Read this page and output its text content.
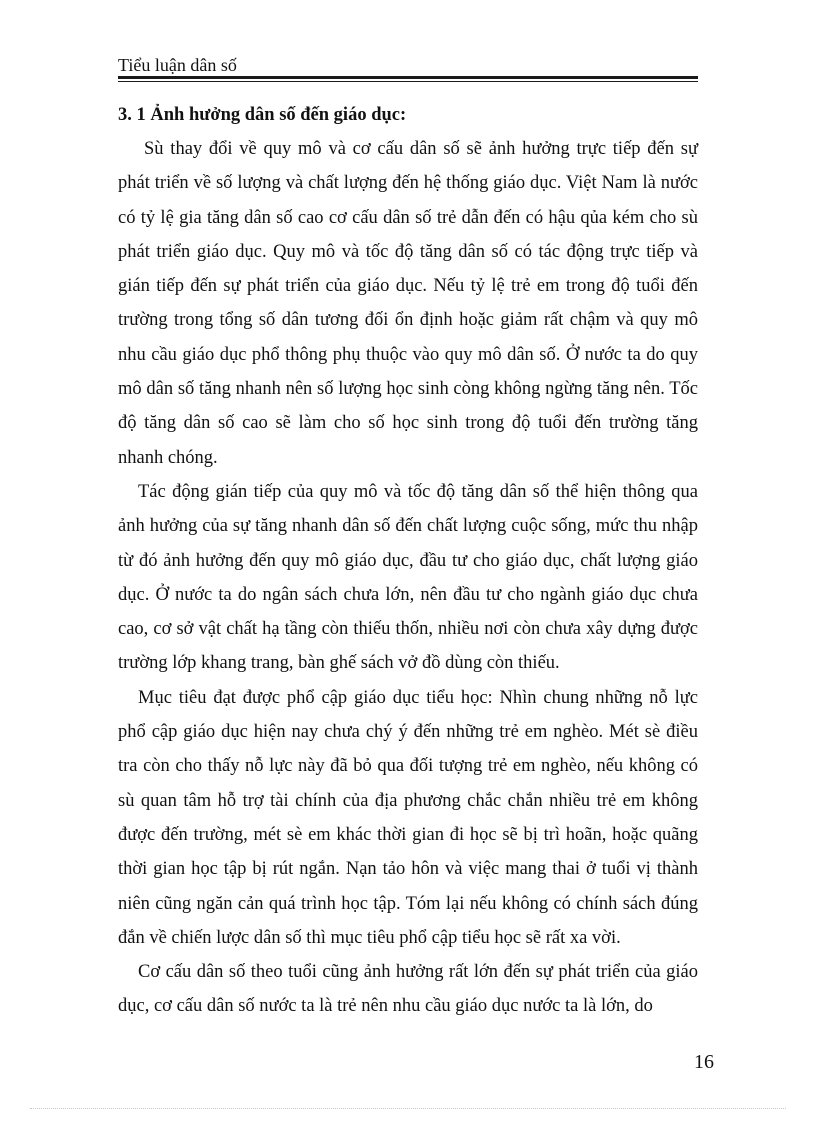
Tiểu luận dân số
3. 1 Ảnh hưởng dân số đến giáo dục:

Sù thay đổi về quy mô và cơ cấu dân số sẽ ảnh hưởng trực tiếp đến sự phát triển về số lượng và chất lượng đến hệ thống giáo dục. Việt Nam là nước có tỷ lệ gia tăng dân số cao cơ cấu dân số trẻ dẫn đến có hậu qủa kém cho sù phát triển giáo dục. Quy mô và tốc độ tăng dân số có tác động trực tiếp và gián tiếp đến sự phát triển của giáo dục. Nếu tỷ lệ trẻ em trong độ tuổi đến trường trong tổng số dân tương đối ổn định hoặc giảm rất chậm và quy mô nhu cầu giáo dục phổ thông phụ thuộc vào quy mô dân số. Ở nước ta do quy mô dân số tăng nhanh nên số lượng học sinh còng không ngừng tăng nên. Tốc độ tăng dân số cao sẽ làm cho số học sinh trong độ tuổi đến trường tăng nhanh chóng.

Tác động gián tiếp của quy mô và tốc độ tăng dân số thể hiện thông qua ảnh hưởng của sự tăng nhanh dân số đến chất lượng cuộc sống, mức thu nhập từ đó ảnh hưởng đến quy mô giáo dục, đầu tư cho giáo dục, chất lượng giáo dục. Ở nước ta do ngân sách chưa lớn, nên đầu tư cho ngành giáo dục chưa cao, cơ sở vật chất hạ tầng còn thiếu thốn, nhiều nơi còn chưa xây dựng được trường lớp khang trang, bàn ghế sách vở đồ dùng còn thiếu.

Mục tiêu đạt được phổ cập giáo dục tiểu học: Nhìn chung những nỗ lực phổ cập giáo dục hiện nay chưa chý ý đến những trẻ em nghèo. Mét sè điều tra còn cho thấy nỗ lực này đã bỏ qua đối tượng trẻ em nghèo, nếu không có sù quan tâm hỗ trợ tài chính của địa phương chắc chắn nhiều trẻ em không được đến trường, mét sè em khác thời gian đi học sẽ bị trì hoãn, hoặc quãng thời gian học tập bị rút ngắn. Nạn tảo hôn và việc mang thai ở tuổi vị thành niên cũng ngăn cản quá trình học tập. Tóm lại nếu không có chính sách đúng đắn về chiến lược dân số thì mục tiêu phổ cập tiểu học sẽ rất xa vời.

Cơ cấu dân số theo tuổi cũng ảnh hưởng rất lớn đến sự phát triển của giáo dục, cơ cấu dân số nước ta là trẻ nên nhu cầu giáo dục nước ta là lớn, do

16
